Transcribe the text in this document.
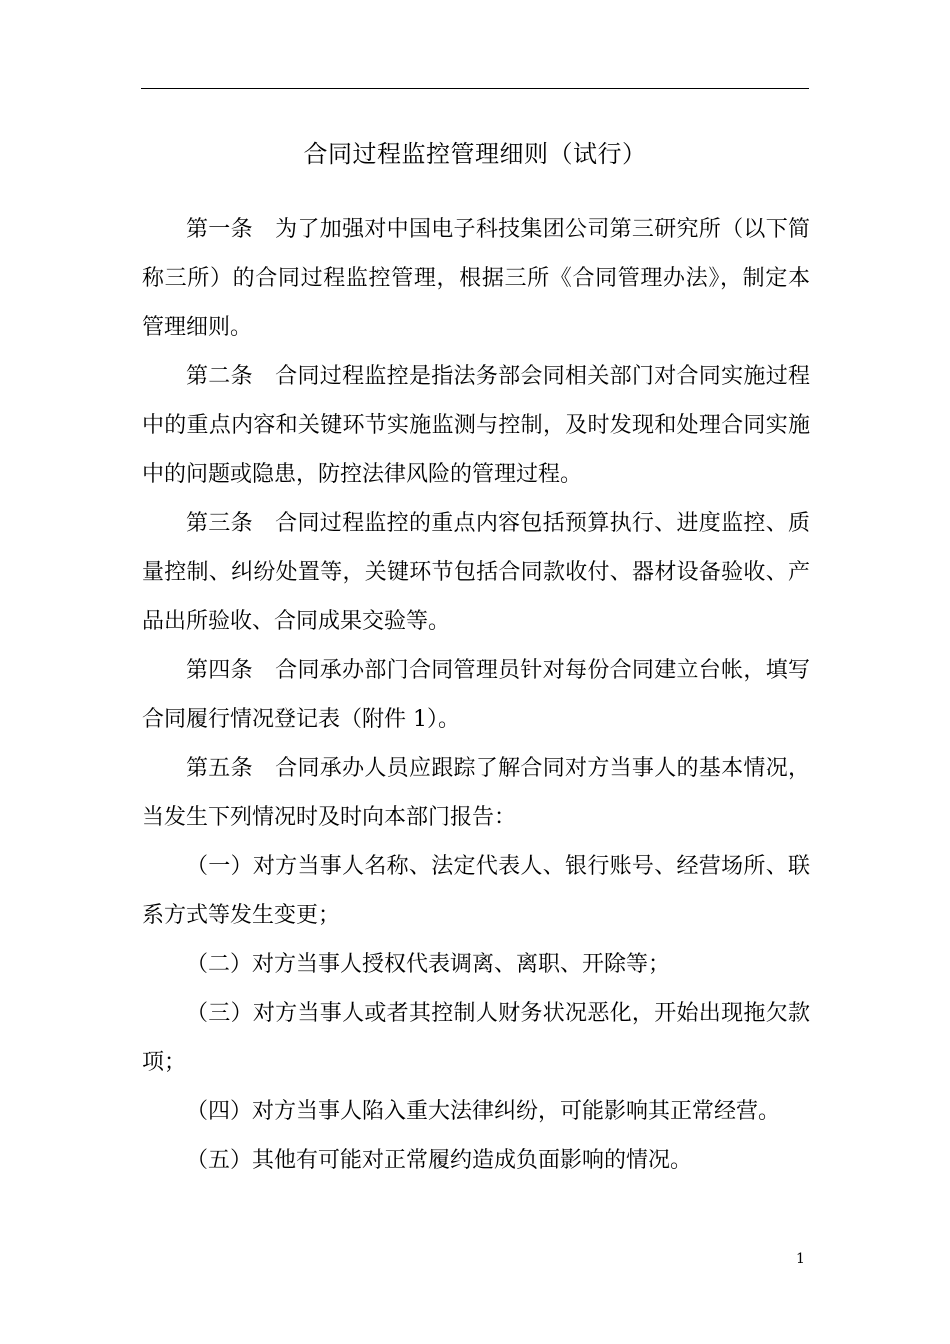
合同过程监控管理细则（试行）

第一条　为了加强对中国电子科技集团公司第三研究所（以下简称三所）的合同过程监控管理，根据三所《合同管理办法》，制定本管理细则。

第二条　合同过程监控是指法务部会同相关部门对合同实施过程中的重点内容和关键环节实施监测与控制，及时发现和处理合同实施中的问题或隐患，防控法律风险的管理过程。

第三条　合同过程监控的重点内容包括预算执行、进度监控、质量控制、纠纷处置等，关键环节包括合同款收付、器材设备验收、产品出所验收、合同成果交验等。

第四条　合同承办部门合同管理员针对每份合同建立台帐，填写合同履行情况登记表（附件 1）。

第五条　合同承办人员应跟踪了解合同对方当事人的基本情况，当发生下列情况时及时向本部门报告：

（一）对方当事人名称、法定代表人、银行账号、经营场所、联系方式等发生变更；

（二）对方当事人授权代表调离、离职、开除等；

（三）对方当事人或者其控制人财务状况恶化，开始出现拖欠款项；

（四）对方当事人陷入重大法律纠纷，可能影响其正常经营。

（五）其他有可能对正常履约造成负面影响的情况。

1
